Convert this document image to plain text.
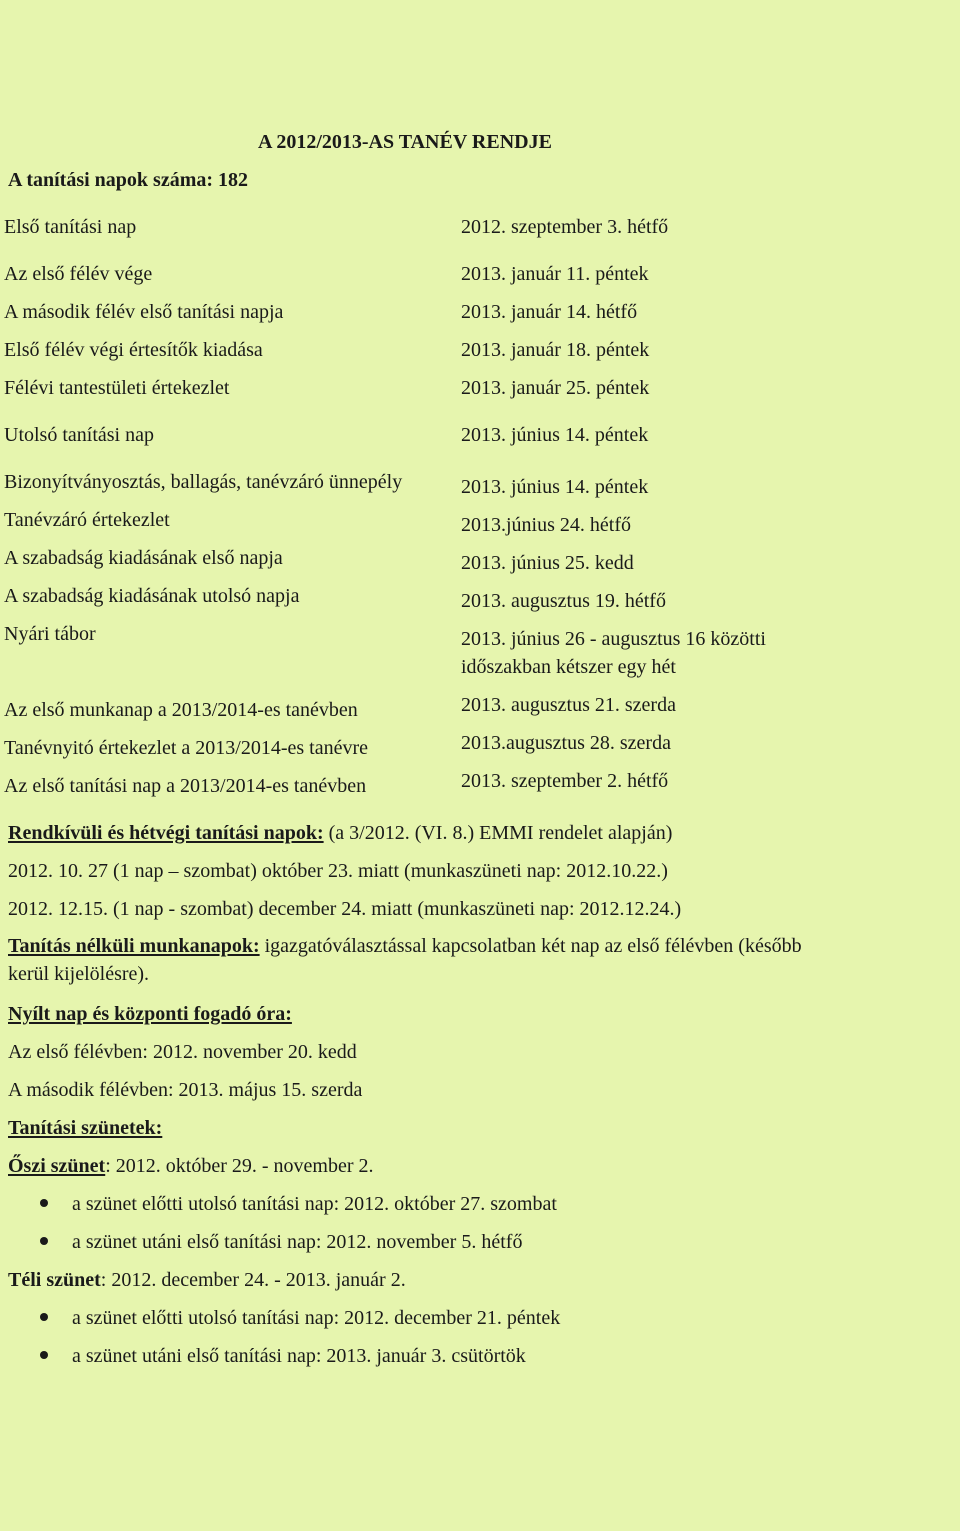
A 2012/2013-AS TANÉV RENDJE
A tanítási napok száma: 182
Első tanítási nap	2012. szeptember 3. hétfő
Az első félév vége	2013. január 11. péntek
A második félév első tanítási napja	2013. január 14. hétfő
Első félév végi értesítők kiadása	2013. január 18. péntek
Félévi tantestületi értekezlet	2013. január 25. péntek
Utolsó tanítási nap	2013. június 14. péntek
Bizonyítványosztás, ballagás, tanévzáró ünnepély	2013. június 14. péntek
Tanévzáró értekezlet	2013.június 24. hétfő
A szabadság kiadásának első napja	2013. június 25. kedd
A szabadság kiadásának utolsó napja	2013. augusztus 19. hétfő
Nyári tábor	2013. június 26 - augusztus 16 közötti
időszakban kétszer egy hét
Az első munkanap a 2013/2014-es tanévben	2013. augusztus 21. szerda
Tanévnyitó értekezlet a 2013/2014-es tanévre	2013.augusztus 28. szerda
Az első tanítási nap a 2013/2014-es tanévben	2013. szeptember 2. hétfő
Rendkívüli és hétvégi tanítási napok: (a 3/2012. (VI. 8.) EMMI rendelet alapján)
2012. 10. 27 (1 nap – szombat) október 23. miatt (munkaszüneti nap: 2012.10.22.)
2012. 12.15. (1 nap - szombat) december 24. miatt (munkaszüneti nap: 2012.12.24.)
Tanítás nélküli munkanapok: igazgatóválasztással kapcsolatban két nap az első félévben (később kerül kijelölésre).
Nyílt nap és központi fogadó óra:
Az első félévben: 2012. november 20. kedd
A második félévben: 2013. május 15. szerda
Tanítási szünetek:
Őszi szünet: 2012. október 29. - november 2.
a szünet előtti utolsó tanítási nap: 2012. október 27. szombat
a szünet utáni első tanítási nap: 2012. november 5. hétfő
Téli szünet: 2012. december 24. - 2013. január 2.
a szünet előtti utolsó tanítási nap: 2012. december 21. péntek
a szünet utáni első tanítási nap: 2013. január 3. csütörtök
